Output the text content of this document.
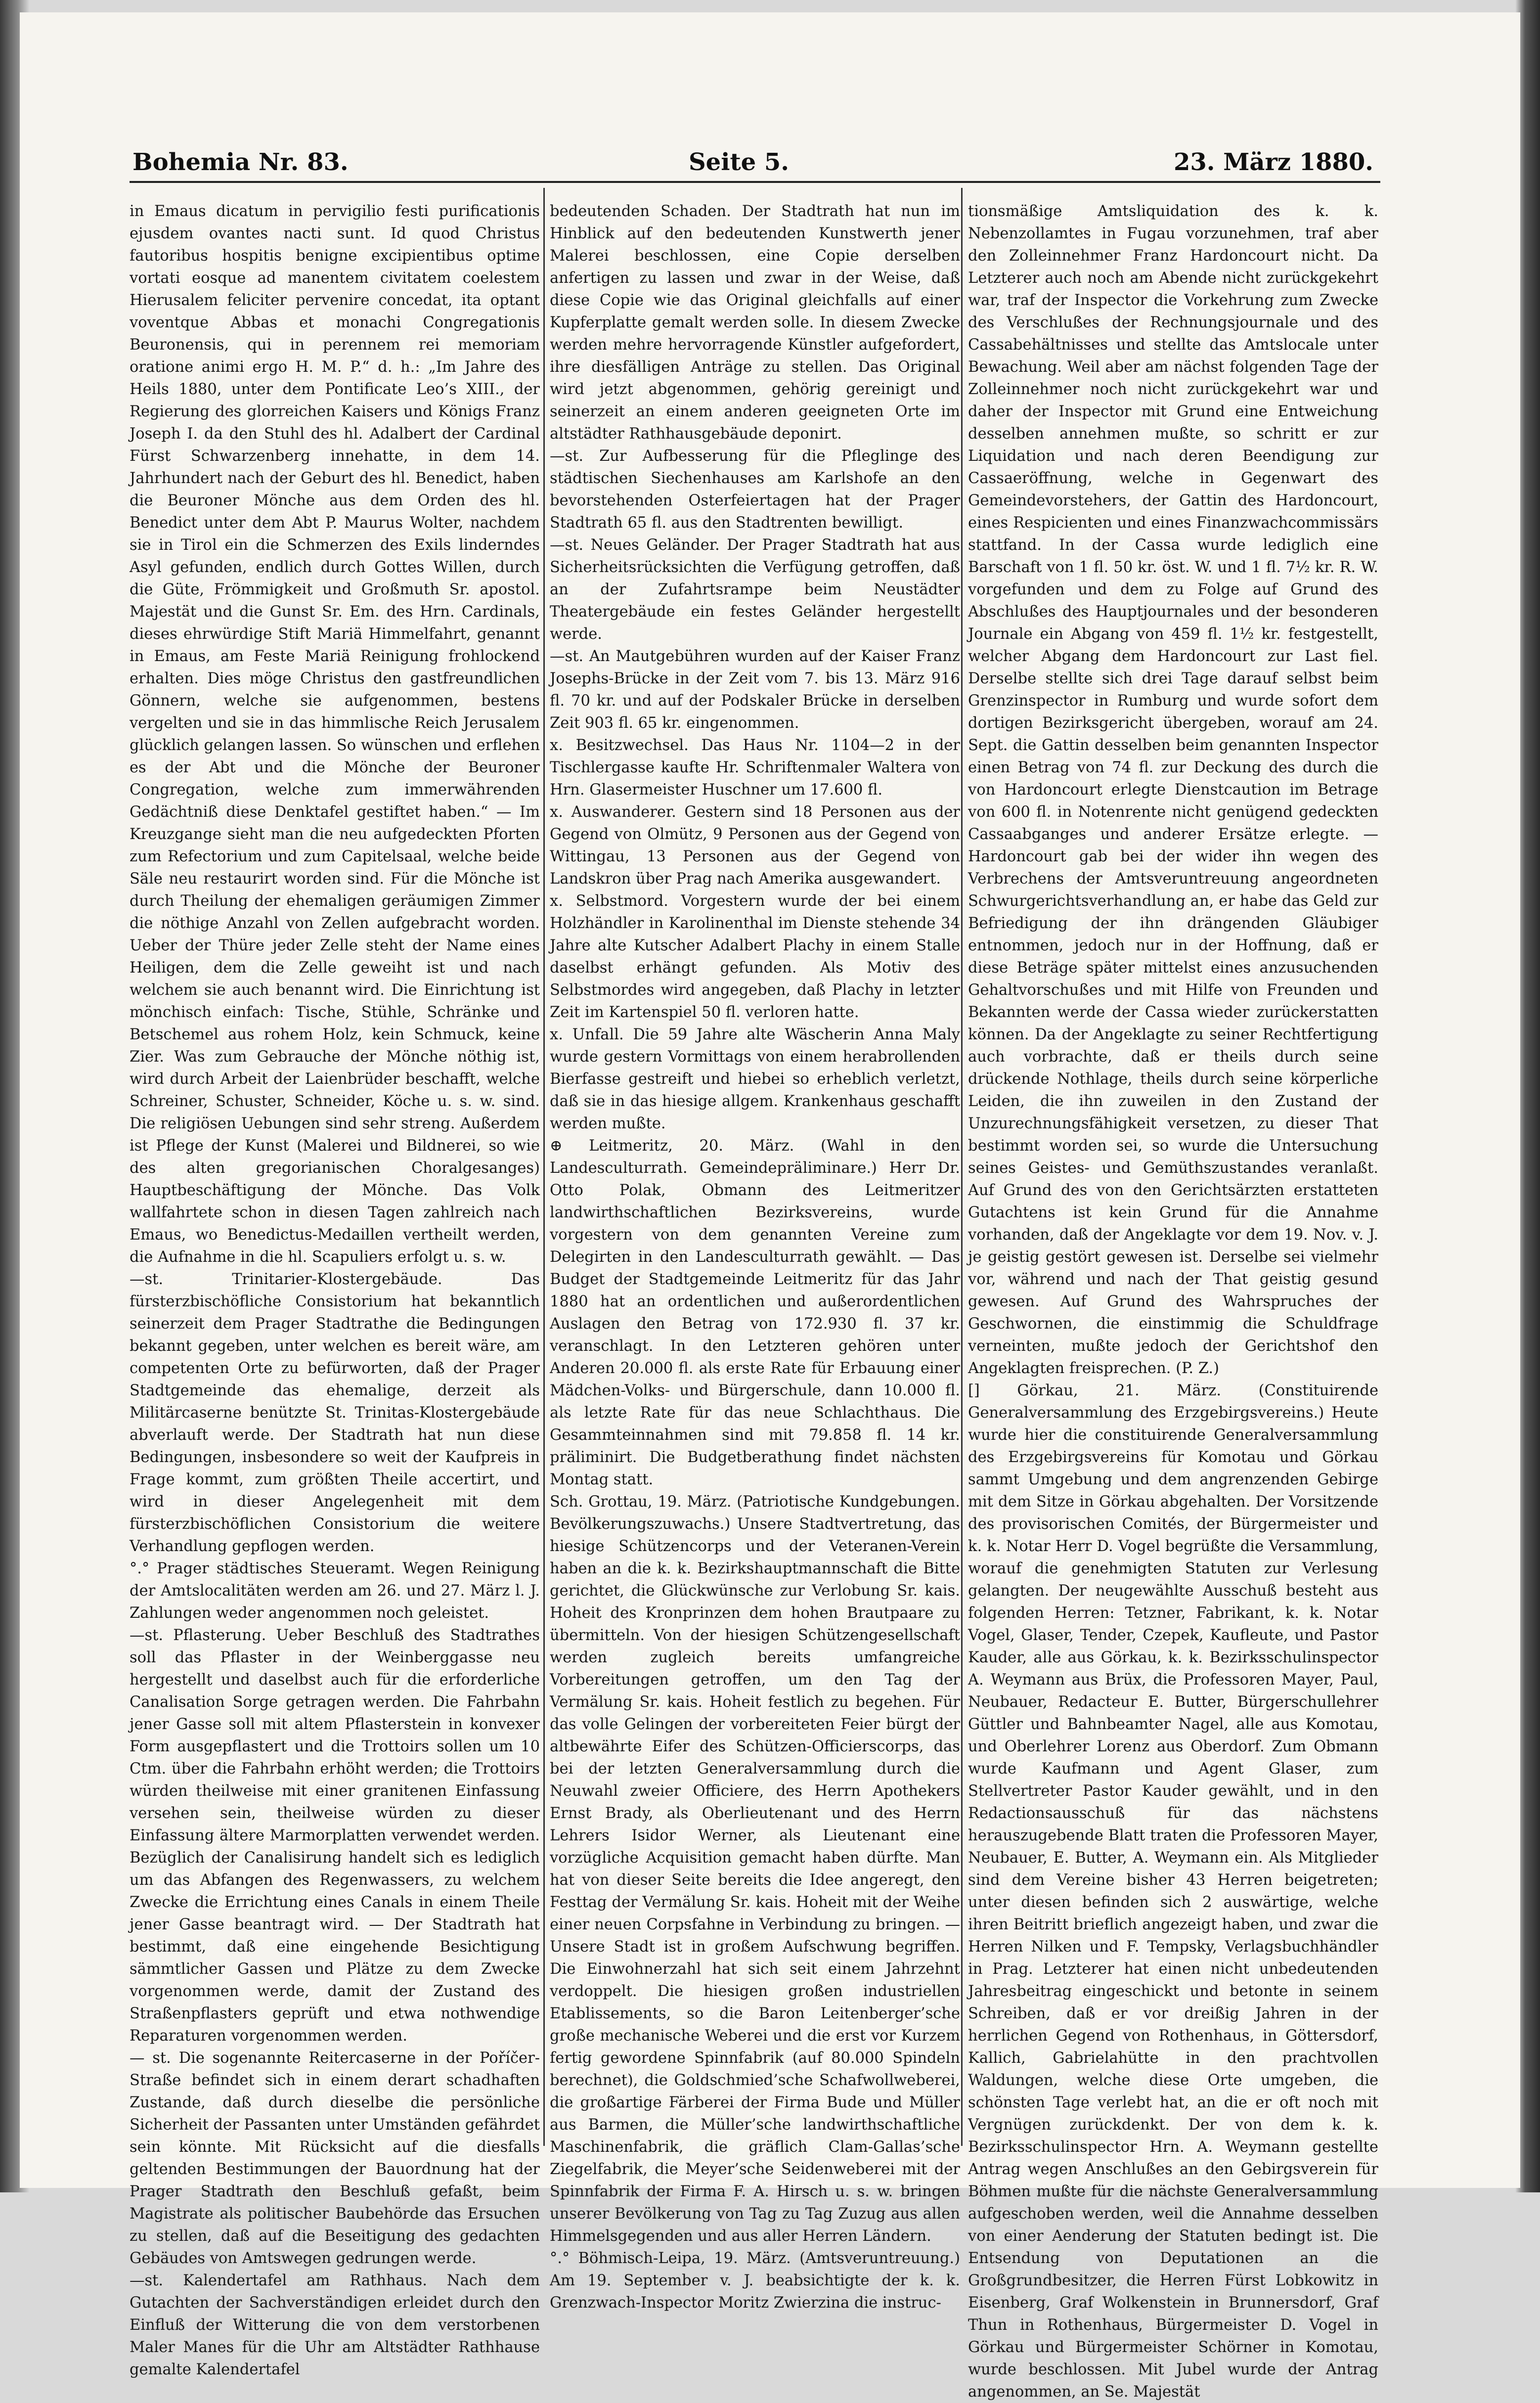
Bohemia Nr. 83.	Seite 5.	23. März 1880.

in Emaus dicatum in pervigilio festi purificationis ejusdem ovantes nacti sunt. Id quod Christus fautoribus hospitis benigne excipientibus optime vortati eosque ad manentem civitatem coelestem Hierusalem feliciter pervenire concedat, ita optant voventque Abbas et monachi Congregationis Beuronensis, qui in perennem rei memoriam oratione animi ergo H. M. P.“ d. h.: „Im Jahre des Heils 1880, unter dem Pontificate Leo’s XIII., der Regierung des glorreichen Kaisers und Königs Franz Joseph I. da den Stuhl des hl. Adalbert der Cardinal Fürst Schwarzenberg innehatte, in dem 14. Jahrhundert nach der Geburt des hl. Benedict, haben die Beuroner Mönche aus dem Orden des hl. Benedict unter dem Abt P. Maurus Wolter, nachdem sie in Tirol ein die Schmerzen des Exils linderndes Asyl gefunden, endlich durch Gottes Willen, durch die Güte, Frömmigkeit und Großmuth Sr. apostol. Majestät und die Gunst Sr. Em. des Hrn. Cardinals, dieses ehrwürdige Stift Mariä Himmelfahrt, genannt in Emaus, am Feste Mariä Reinigung frohlockend erhalten. Dies möge Christus den gastfreundlichen Gönnern, welche sie aufgenommen, bestens vergelten und sie in das himmlische Reich Jerusalem glücklich gelangen lassen. So wünschen und erflehen es der Abt und die Mönche der Beuroner Congregation, welche zum immerwährenden Gedächtniß diese Denktafel gestiftet haben.“ — Im Kreuzgange sieht man die neu aufgedeckten Pforten zum Refectorium und zum Capitelsaal, welche beide Säle neu restaurirt worden sind. Für die Mönche ist durch Theilung der ehemaligen geräumigen Zimmer die nöthige Anzahl von Zellen aufgebracht worden. Ueber der Thüre jeder Zelle steht der Name eines Heiligen, dem die Zelle geweiht ist und nach welchem sie auch benannt wird. Die Einrichtung ist mönchisch einfach: Tische, Stühle, Schränke und Betschemel aus rohem Holz, kein Schmuck, keine Zier. Was zum Gebrauche der Mönche nöthig ist, wird durch Arbeit der Laienbrüder beschafft, welche Schreiner, Schuster, Schneider, Köche u. s. w. sind. Die religiösen Uebungen sind sehr streng. Außerdem ist Pflege der Kunst (Malerei und Bildnerei, so wie des alten gregorianischen Choralgesanges) Hauptbeschäftigung der Mönche. Das Volk wallfahrtete schon in diesen Tagen zahlreich nach Emaus, wo Benedictus-Medaillen vertheilt werden, die Aufnahme in die hl. Scapuliers erfolgt u. s. w.

—st. Trinitarier-Klostergebäude. Das fürsterzbischöfliche Consistorium hat bekanntlich seinerzeit dem Prager Stadtrathe die Bedingungen bekannt gegeben, unter welchen es bereit wäre, am competenten Orte zu befürworten, daß der Prager Stadtgemeinde das ehemalige, derzeit als Militärcaserne benützte St. Trinitas-Klostergebäude abverlauft werde. Der Stadtrath hat nun diese Bedingungen, insbesondere so weit der Kaufpreis in Frage kommt, zum größten Theile accertirt, und wird in dieser Angelegenheit mit dem fürsterzbischöflichen Consistorium die weitere Verhandlung gepflogen werden.

°.° Prager städtisches Steueramt. Wegen Reinigung der Amtslocalitäten werden am 26. und 27. März l. J. Zahlungen weder angenommen noch geleistet.

—st. Pflasterung. Ueber Beschluß des Stadtrathes soll das Pflaster in der Weinberggasse neu hergestellt und daselbst auch für die erforderliche Canalisation Sorge getragen werden. Die Fahrbahn jener Gasse soll mit altem Pflasterstein in konvexer Form ausgepflastert und die Trottoirs sollen um 10 Ctm. über die Fahrbahn erhöht werden; die Trottoirs würden theilweise mit einer granitenen Einfassung versehen sein, theilweise würden zu dieser Einfassung ältere Marmorplatten verwendet werden. Bezüglich der Canalisirung handelt sich es lediglich um das Abfangen des Regenwassers, zu welchem Zwecke die Errichtung eines Canals in einem Theile jener Gasse beantragt wird. — Der Stadtrath hat bestimmt, daß eine eingehende Besichtigung sämmtlicher Gassen und Plätze zu dem Zwecke vorgenommen werde, damit der Zustand des Straßenpflasters geprüft und etwa nothwendige Reparaturen vorgenommen werden.

— st. Die sogenannte Reitercaserne in der Poříčer-Straße befindet sich in einem derart schadhaften Zustande, daß durch dieselbe die persönliche Sicherheit der Passanten unter Umständen gefährdet sein könnte. Mit Rücksicht auf die diesfalls geltenden Bestimmungen der Bauordnung hat der Prager Stadtrath den Beschluß gefaßt, beim Magistrate als politischer Baubehörde das Ersuchen zu stellen, daß auf die Beseitigung des gedachten Gebäudes von Amtswegen gedrungen werde.

—st. Kalendertafel am Rathhaus. Nach dem Gutachten der Sachverständigen erleidet durch den Einfluß der Witterung die von dem verstorbenen Maler Manes für die Uhr am Altstädter Rathhause gemalte Kalendertafel

bedeutenden Schaden. Der Stadtrath hat nun im Hinblick auf den bedeutenden Kunstwerth jener Malerei beschlossen, eine Copie derselben anfertigen zu lassen und zwar in der Weise, daß diese Copie wie das Original gleichfalls auf einer Kupferplatte gemalt werden solle. In diesem Zwecke werden mehre hervorragende Künstler aufgefordert, ihre diesfälligen Anträge zu stellen. Das Original wird jetzt abgenommen, gehörig gereinigt und seinerzeit an einem anderen geeigneten Orte im altstädter Rathhausgebäude deponirt.

—st. Zur Aufbesserung für die Pfleglinge des städtischen Siechenhauses am Karlshofe an den bevorstehenden Osterfeiertagen hat der Prager Stadtrath 65 fl. aus den Stadtrenten bewilligt.

—st. Neues Geländer. Der Prager Stadtrath hat aus Sicherheitsrücksichten die Verfügung getroffen, daß an der Zufahrtsrampe beim Neustädter Theatergebäude ein festes Geländer hergestellt werde.

—st. An Mautgebühren wurden auf der Kaiser Franz Josephs-Brücke in der Zeit vom 7. bis 13. März 916 fl. 70 kr. und auf der Podskaler Brücke in derselben Zeit 903 fl. 65 kr. eingenommen.

x. Besitzwechsel. Das Haus Nr. 1104—2 in der Tischlergasse kaufte Hr. Schriftenmaler Waltera von Hrn. Glasermeister Huschner um 17.600 fl.

x. Auswanderer. Gestern sind 18 Personen aus der Gegend von Olmütz, 9 Personen aus der Gegend von Wittingau, 13 Personen aus der Gegend von Landskron über Prag nach Amerika ausgewandert.

x. Selbstmord. Vorgestern wurde der bei einem Holzhändler in Karolinenthal im Dienste stehende 34 Jahre alte Kutscher Adalbert Plachy in einem Stalle daselbst erhängt gefunden. Als Motiv des Selbstmordes wird angegeben, daß Plachy in letzter Zeit im Kartenspiel 50 fl. verloren hatte.

x. Unfall. Die 59 Jahre alte Wäscherin Anna Maly wurde gestern Vormittags von einem herabrollenden Bierfasse gestreift und hiebei so erheblich verletzt, daß sie in das hiesige allgem. Krankenhaus geschafft werden mußte.

⊕ Leitmeritz, 20. März. (Wahl in den Landesculturrath. Gemeindepräliminare.) Herr Dr. Otto Polak, Obmann des Leitmeritzer landwirthschaftlichen Bezirksvereins, wurde vorgestern von dem genannten Vereine zum Delegirten in den Landesculturrath gewählt. — Das Budget der Stadtgemeinde Leitmeritz für das Jahr 1880 hat an ordentlichen und außerordentlichen Auslagen den Betrag von 172.930 fl. 37 kr. veranschlagt. In den Letzteren gehören unter Anderen 20.000 fl. als erste Rate für Erbauung einer Mädchen-Volks- und Bürgerschule, dann 10.000 fl. als letzte Rate für das neue Schlachthaus. Die Gesammteinnahmen sind mit 79.858 fl. 14 kr. präliminirt. Die Budgetberathung findet nächsten Montag statt.

Sch. Grottau, 19. März. (Patriotische Kundgebungen. Bevölkerungszuwachs.) Unsere Stadtvertretung, das hiesige Schützencorps und der Veteranen-Verein haben an die k. k. Bezirkshauptmannschaft die Bitte gerichtet, die Glückwünsche zur Verlobung Sr. kais. Hoheit des Kronprinzen dem hohen Brautpaare zu übermitteln. Von der hiesigen Schützengesellschaft werden zugleich bereits umfangreiche Vorbereitungen getroffen, um den Tag der Vermälung Sr. kais. Hoheit festlich zu begehen. Für das volle Gelingen der vorbereiteten Feier bürgt der altbewährte Eifer des Schützen-Officierscorps, das bei der letzten Generalversammlung durch die Neuwahl zweier Officiere, des Herrn Apothekers Ernst Brady, als Oberlieutenant und des Herrn Lehrers Isidor Werner, als Lieutenant eine vorzügliche Acquisition gemacht haben dürfte. Man hat von dieser Seite bereits die Idee angeregt, den Festtag der Vermälung Sr. kais. Hoheit mit der Weihe einer neuen Corpsfahne in Verbindung zu bringen. — Unsere Stadt ist in großem Aufschwung begriffen. Die Einwohnerzahl hat sich seit einem Jahrzehnt verdoppelt. Die hiesigen großen industriellen Etablissements, so die Baron Leitenberger’sche große mechanische Weberei und die erst vor Kurzem fertig gewordene Spinnfabrik (auf 80.000 Spindeln berechnet), die Goldschmied’sche Schafwollweberei, die großartige Färberei der Firma Bude und Müller aus Barmen, die Müller’sche landwirthschaftliche Maschinenfabrik, die gräflich Clam-Gallas’sche Ziegelfabrik, die Meyer’sche Seidenweberei mit der Spinnfabrik der Firma F. A. Hirsch u. s. w. bringen unserer Bevölkerung von Tag zu Tag Zuzug aus allen Himmelsgegenden und aus aller Herren Ländern.

°.° Böhmisch-Leipa, 19. März. (Amtsveruntreuung.) Am 19. September v. J. beabsichtigte der k. k. Grenzwach-Inspector Moritz Zwierzina die instruc-

tionsmäßige Amtsliquidation des k. k. Nebenzollamtes in Fugau vorzunehmen, traf aber den Zolleinnehmer Franz Hardoncourt nicht. Da Letzterer auch noch am Abende nicht zurückgekehrt war, traf der Inspector die Vorkehrung zum Zwecke des Verschlußes der Rechnungsjournale und des Cassabehältnisses und stellte das Amtslocale unter Bewachung. Weil aber am nächst folgenden Tage der Zolleinnehmer noch nicht zurückgekehrt war und daher der Inspector mit Grund eine Entweichung desselben annehmen mußte, so schritt er zur Liquidation und nach deren Beendigung zur Cassaeröffnung, welche in Gegenwart des Gemeindevorstehers, der Gattin des Hardoncourt, eines Respicienten und eines Finanzwachcommissärs stattfand. In der Cassa wurde lediglich eine Barschaft von 1 fl. 50 kr. öst. W. und 1 fl. 7½ kr. R. W. vorgefunden und dem zu Folge auf Grund des Abschlußes des Hauptjournales und der besonderen Journale ein Abgang von 459 fl. 1½ kr. festgestellt, welcher Abgang dem Hardoncourt zur Last fiel. Derselbe stellte sich drei Tage darauf selbst beim Grenzinspector in Rumburg und wurde sofort dem dortigen Bezirksgericht übergeben, worauf am 24. Sept. die Gattin desselben beim genannten Inspector einen Betrag von 74 fl. zur Deckung des durch die von Hardoncourt erlegte Dienstcaution im Betrage von 600 fl. in Notenrente nicht genügend gedeckten Cassaabganges und anderer Ersätze erlegte. — Hardoncourt gab bei der wider ihn wegen des Verbrechens der Amtsveruntreuung angeordneten Schwurgerichtsverhandlung an, er habe das Geld zur Befriedigung der ihn drängenden Gläubiger entnommen, jedoch nur in der Hoffnung, daß er diese Beträge später mittelst eines anzusuchenden Gehaltvorschußes und mit Hilfe von Freunden und Bekannten werde der Cassa wieder zurückerstatten können. Da der Angeklagte zu seiner Rechtfertigung auch vorbrachte, daß er theils durch seine drückende Nothlage, theils durch seine körperliche Leiden, die ihn zuweilen in den Zustand der Unzurechnungsfähigkeit versetzen, zu dieser That bestimmt worden sei, so wurde die Untersuchung seines Geistes- und Gemüthszustandes veranlaßt. Auf Grund des von den Gerichtsärzten erstatteten Gutachtens ist kein Grund für die Annahme vorhanden, daß der Angeklagte vor dem 19. Nov. v. J. je geistig gestört gewesen ist. Derselbe sei vielmehr vor, während und nach der That geistig gesund gewesen. Auf Grund des Wahrspruches der Geschwornen, die einstimmig die Schuldfrage verneinten, mußte jedoch der Gerichtshof den Angeklagten freisprechen. (P. Z.)

[] Görkau, 21. März. (Constituirende Generalversammlung des Erzgebirgsvereins.) Heute wurde hier die constituirende Generalversammlung des Erzgebirgsvereins für Komotau und Görkau sammt Umgebung und dem angrenzenden Gebirge mit dem Sitze in Görkau abgehalten. Der Vorsitzende des provisorischen Comités, der Bürgermeister und k. k. Notar Herr D. Vogel begrüßte die Versammlung, worauf die genehmigten Statuten zur Verlesung gelangten. Der neugewählte Ausschuß besteht aus folgenden Herren: Tetzner, Fabrikant, k. k. Notar Vogel, Glaser, Tender, Czepek, Kaufleute, und Pastor Kauder, alle aus Görkau, k. k. Bezirksschulinspector A. Weymann aus Brüx, die Professoren Mayer, Paul, Neubauer, Redacteur E. Butter, Bürgerschullehrer Güttler und Bahnbeamter Nagel, alle aus Komotau, und Oberlehrer Lorenz aus Oberdorf. Zum Obmann wurde Kaufmann und Agent Glaser, zum Stellvertreter Pastor Kauder gewählt, und in den Redactionsausschuß für das nächstens herauszugebende Blatt traten die Professoren Mayer, Neubauer, E. Butter, A. Weymann ein. Als Mitglieder sind dem Vereine bisher 43 Herren beigetreten; unter diesen befinden sich 2 auswärtige, welche ihren Beitritt brieflich angezeigt haben, und zwar die Herren Nilken und F. Tempsky, Verlagsbuchhändler in Prag. Letzterer hat einen nicht unbedeutenden Jahresbeitrag eingeschickt und betonte in seinem Schreiben, daß er vor dreißig Jahren in der herrlichen Gegend von Rothenhaus, in Göttersdorf, Kallich, Gabrielahütte in den prachtvollen Waldungen, welche diese Orte umgeben, die schönsten Tage verlebt hat, an die er oft noch mit Vergnügen zurückdenkt. Der von dem k. k. Bezirksschulinspector Hrn. A. Weymann gestellte Antrag wegen Anschlußes an den Gebirgsverein für Böhmen mußte für die nächste Generalversammlung aufgeschoben werden, weil die Annahme desselben von einer Aenderung der Statuten bedingt ist. Die Entsendung von Deputationen an die Großgrundbesitzer, die Herren Fürst Lobkowitz in Eisenberg, Graf Wolkenstein in Brunnersdorf, Graf Thun in Rothenhaus, Bürgermeister D. Vogel in Görkau und Bürgermeister Schörner in Komotau, wurde beschlossen. Mit Jubel wurde der Antrag angenommen, an Se. Majestät
